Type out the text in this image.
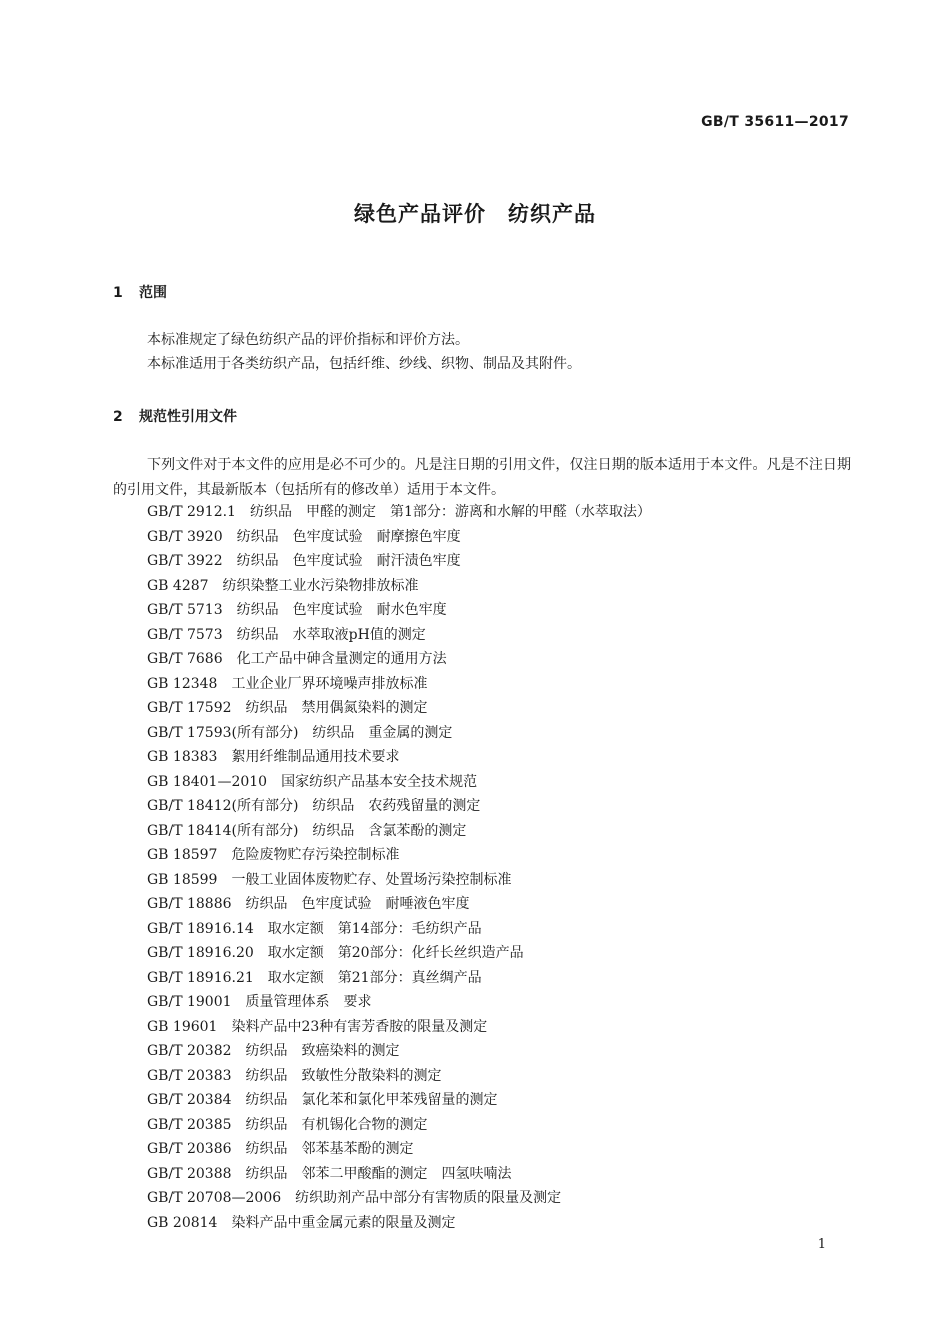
GB/T 35611—2017
绿色产品评价　纺织产品
1 范围
本标准规定了绿色纺织产品的评价指标和评价方法。
本标准适用于各类纺织产品，包括纤维、纱线、织物、制品及其附件。
2 规范性引用文件
下列文件对于本文件的应用是必不可少的。凡是注日期的引用文件，仅注日期的版本适用于本文件。凡是不注日期的引用文件，其最新版本（包括所有的修改单）适用于本文件。
GB/T 2912.1　纺织品　甲醛的测定　第1部分：游离和水解的甲醛（水萃取法）
GB/T 3920　纺织品　色牢度试验　耐摩擦色牢度
GB/T 3922　纺织品　色牢度试验　耐汗渍色牢度
GB 4287　纺织染整工业水污染物排放标准
GB/T 5713　纺织品　色牢度试验　耐水色牢度
GB/T 7573　纺织品　水萃取液pH值的测定
GB/T 7686　化工产品中砷含量测定的通用方法
GB 12348　工业企业厂界环境噪声排放标准
GB/T 17592　纺织品　禁用偶氮染料的测定
GB/T 17593(所有部分)　纺织品　重金属的测定
GB 18383　絮用纤维制品通用技术要求
GB 18401—2010　国家纺织产品基本安全技术规范
GB/T 18412(所有部分)　纺织品　农药残留量的测定
GB/T 18414(所有部分)　纺织品　含氯苯酚的测定
GB 18597　危险废物贮存污染控制标准
GB 18599　一般工业固体废物贮存、处置场污染控制标准
GB/T 18886　纺织品　色牢度试验　耐唾液色牢度
GB/T 18916.14　取水定额　第14部分：毛纺织产品
GB/T 18916.20　取水定额　第20部分：化纤长丝织造产品
GB/T 18916.21　取水定额　第21部分：真丝绸产品
GB/T 19001　质量管理体系　要求
GB 19601　染料产品中23种有害芳香胺的限量及测定
GB/T 20382　纺织品　致癌染料的测定
GB/T 20383　纺织品　致敏性分散染料的测定
GB/T 20384　纺织品　氯化苯和氯化甲苯残留量的测定
GB/T 20385　纺织品　有机锡化合物的测定
GB/T 20386　纺织品　邻苯基苯酚的测定
GB/T 20388　纺织品　邻苯二甲酸酯的测定　四氢呋喃法
GB/T 20708—2006　纺织助剂产品中部分有害物质的限量及测定
GB 20814　染料产品中重金属元素的限量及测定
1
